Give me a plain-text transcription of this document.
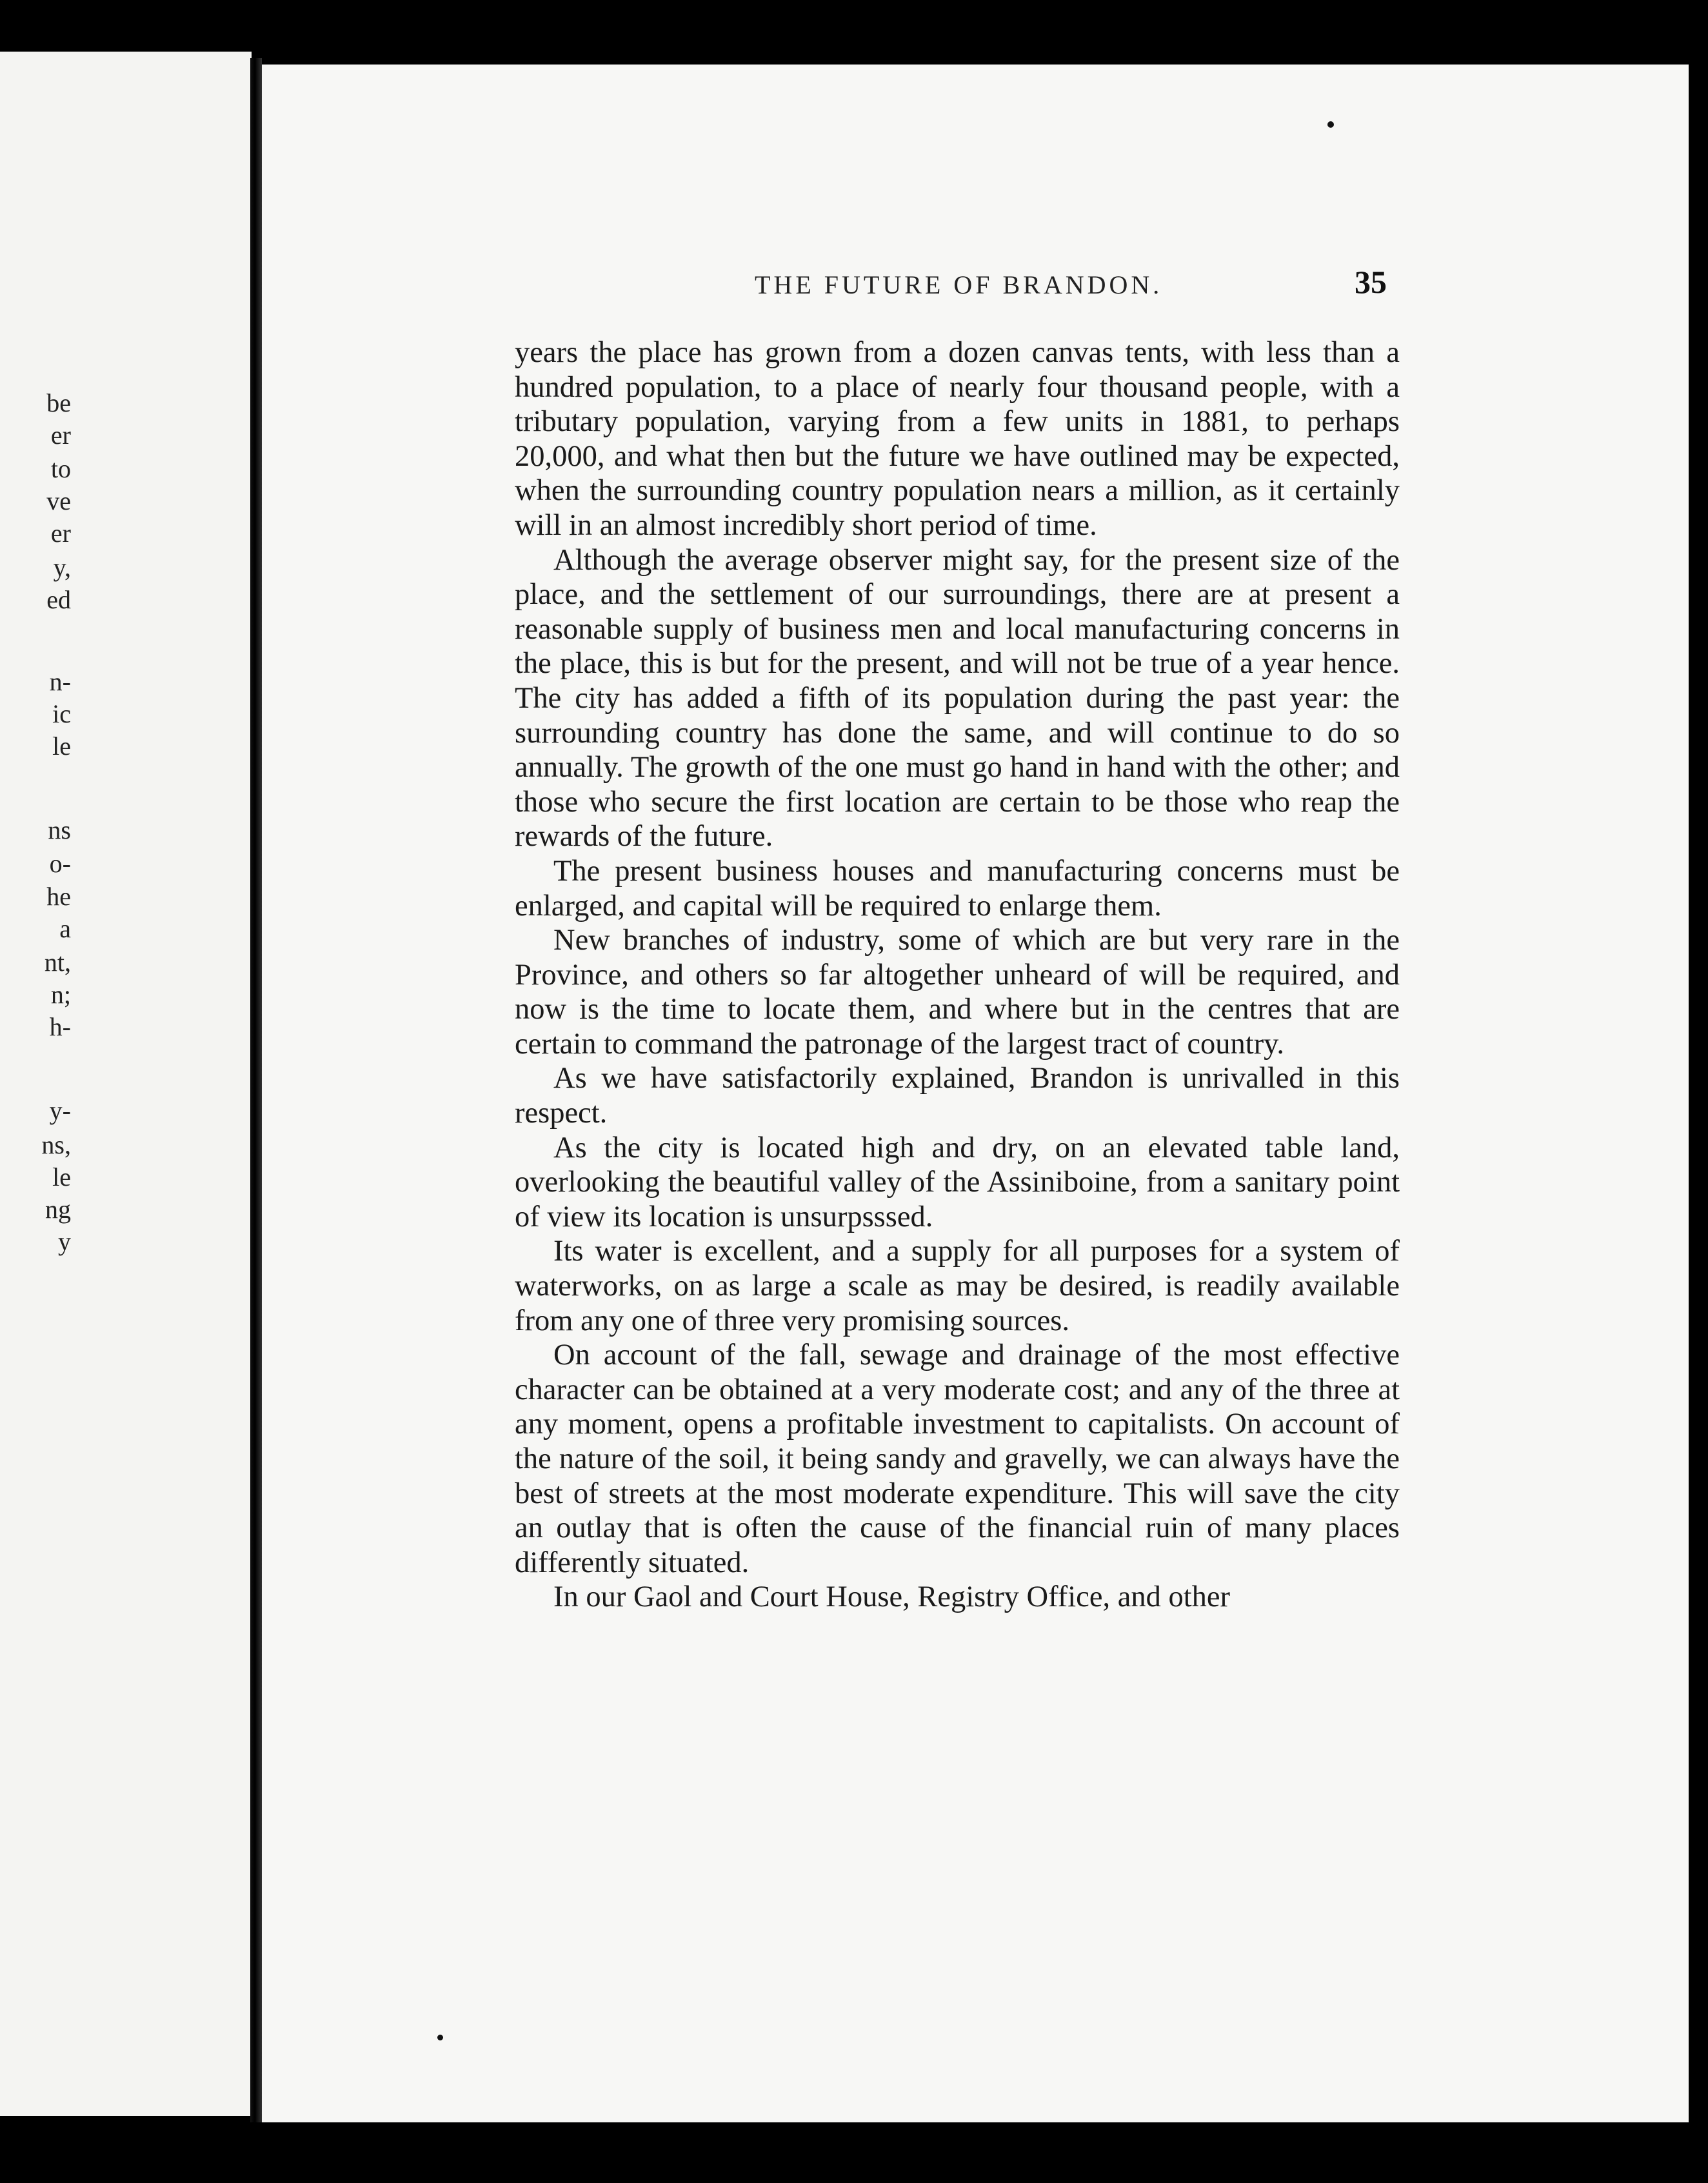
be
er
to
ve
er
y,
ed
n-
ic
le
ns
o-
he
a
nt,
n;
h-
y-
ns,
le
ng
y
THE FUTURE OF BRANDON.	35

years the place has grown from a dozen canvas tents, with less than a hundred population, to a place of nearly four thousand people, with a tributary population, varying from a few units in 1881, to perhaps 20,000, and what then but the future we have outlined may be expected, when the surrounding country population nears a million, as it certainly will in an almost incredibly short period of time.

Although the average observer might say, for the present size of the place, and the settlement of our surroundings, there are at present a reasonable supply of business men and local manufacturing concerns in the place, this is but for the present, and will not be true of a year hence. The city has added a fifth of its population during the past year: the surrounding country has done the same, and will continue to do so annually. The growth of the one must go hand in hand with the other; and those who secure the first location are certain to be those who reap the rewards of the future.

The present business houses and manufacturing concerns must be enlarged, and capital will be required to enlarge them.

New branches of industry, some of which are but very rare in the Province, and others so far altogether unheard of will be required, and now is the time to locate them, and where but in the centres that are certain to command the patronage of the largest tract of country.

As we have satisfactorily explained, Brandon is unrivalled in this respect.

As the city is located high and dry, on an elevated table land, overlooking the beautiful valley of the Assiniboine, from a sanitary point of view its location is unsurpsssed.

Its water is excellent, and a supply for all purposes for a system of waterworks, on as large a scale as may be desired, is readily available from any one of three very promising sources.

On account of the fall, sewage and drainage of the most effective character can be obtained at a very moderate cost; and any of the three at any moment, opens a profitable investment to capitalists. On account of the nature of the soil, it being sandy and gravelly, we can always have the best of streets at the most moderate expenditure. This will save the city an outlay that is often the cause of the financial ruin of many places differently situated.

In our Gaol and Court House, Registry Office, and other
